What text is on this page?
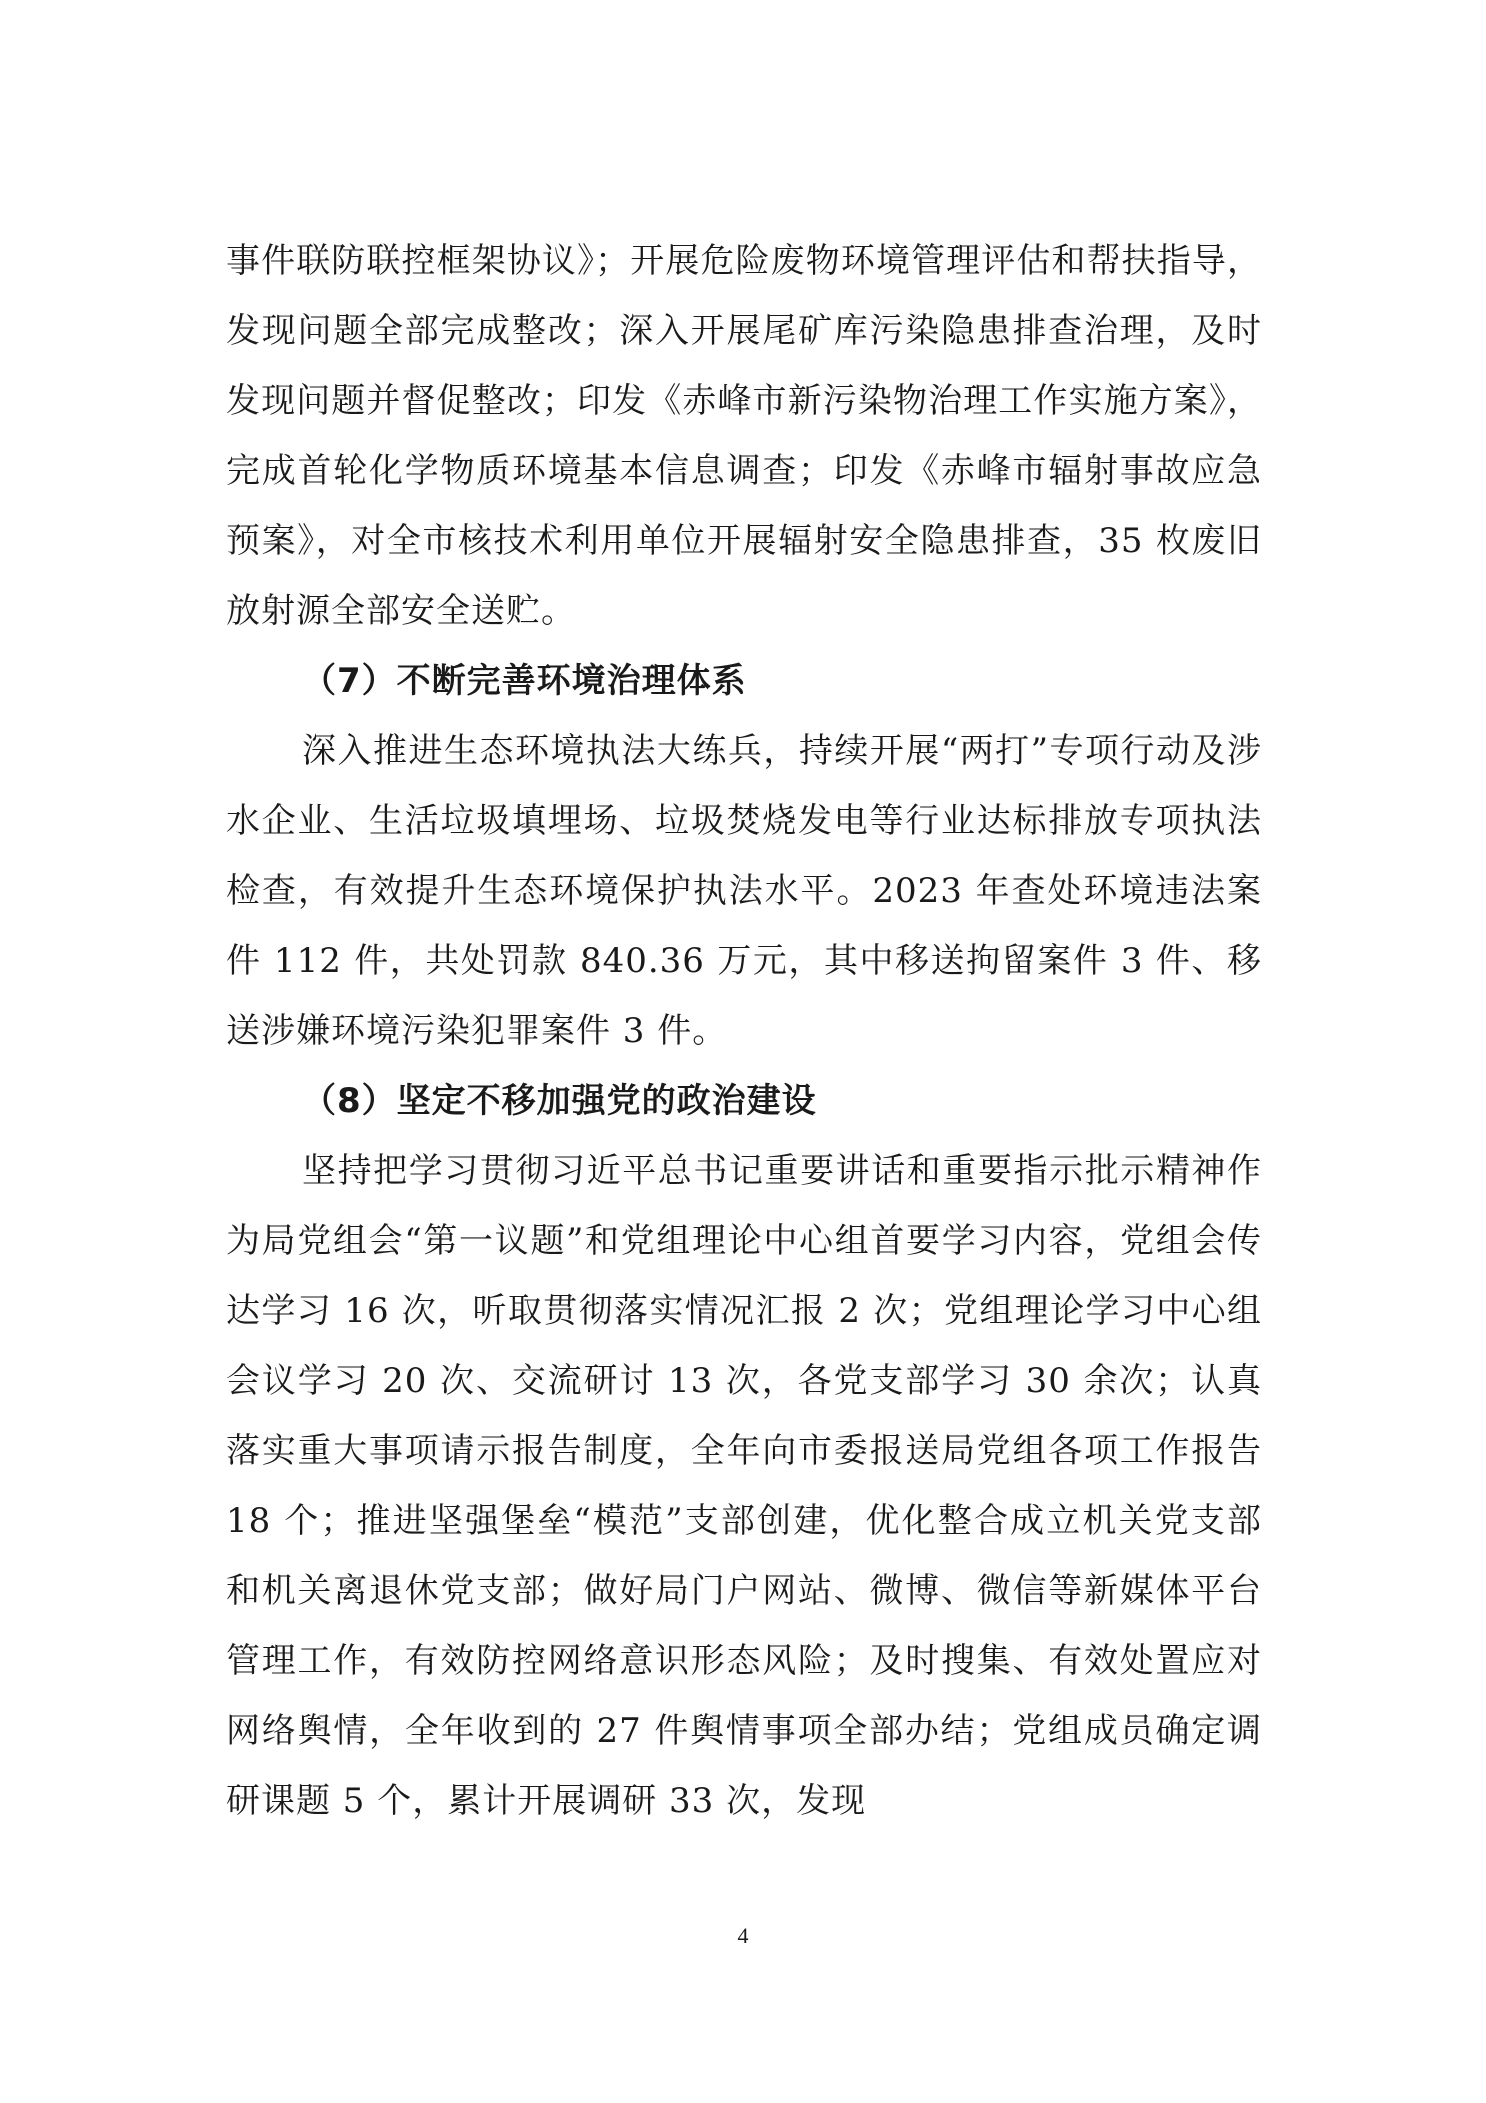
事件联防联控框架协议》；开展危险废物环境管理评估和帮扶指导，发现问题全部完成整改；深入开展尾矿库污染隐患排查治理，及时发现问题并督促整改；印发《赤峰市新污染物治理工作实施方案》，完成首轮化学物质环境基本信息调查；印发《赤峰市辐射事故应急预案》，对全市核技术利用单位开展辐射安全隐患排查，35 枚废旧放射源全部安全送贮。

（7）不断完善环境治理体系

深入推进生态环境执法大练兵，持续开展“两打”专项行动及涉水企业、生活垃圾填埋场、垃圾焚烧发电等行业达标排放专项执法检查，有效提升生态环境保护执法水平。2023 年查处环境违法案件 112 件，共处罚款 840.36 万元，其中移送拘留案件 3 件、移送涉嫌环境污染犯罪案件 3 件。

（8）坚定不移加强党的政治建设

坚持把学习贯彻习近平总书记重要讲话和重要指示批示精神作为局党组会“第一议题”和党组理论中心组首要学习内容，党组会传达学习 16 次，听取贯彻落实情况汇报 2 次；党组理论学习中心组会议学习 20 次、交流研讨 13 次，各党支部学习 30 余次；认真落实重大事项请示报告制度，全年向市委报送局党组各项工作报告 18 个；推进坚强堡垒“模范”支部创建，优化整合成立机关党支部和机关离退休党支部；做好局门户网站、微博、微信等新媒体平台管理工作，有效防控网络意识形态风险；及时搜集、有效处置应对网络舆情，全年收到的 27 件舆情事项全部办结；党组成员确定调研课题 5 个，累计开展调研 33 次，发现

4
